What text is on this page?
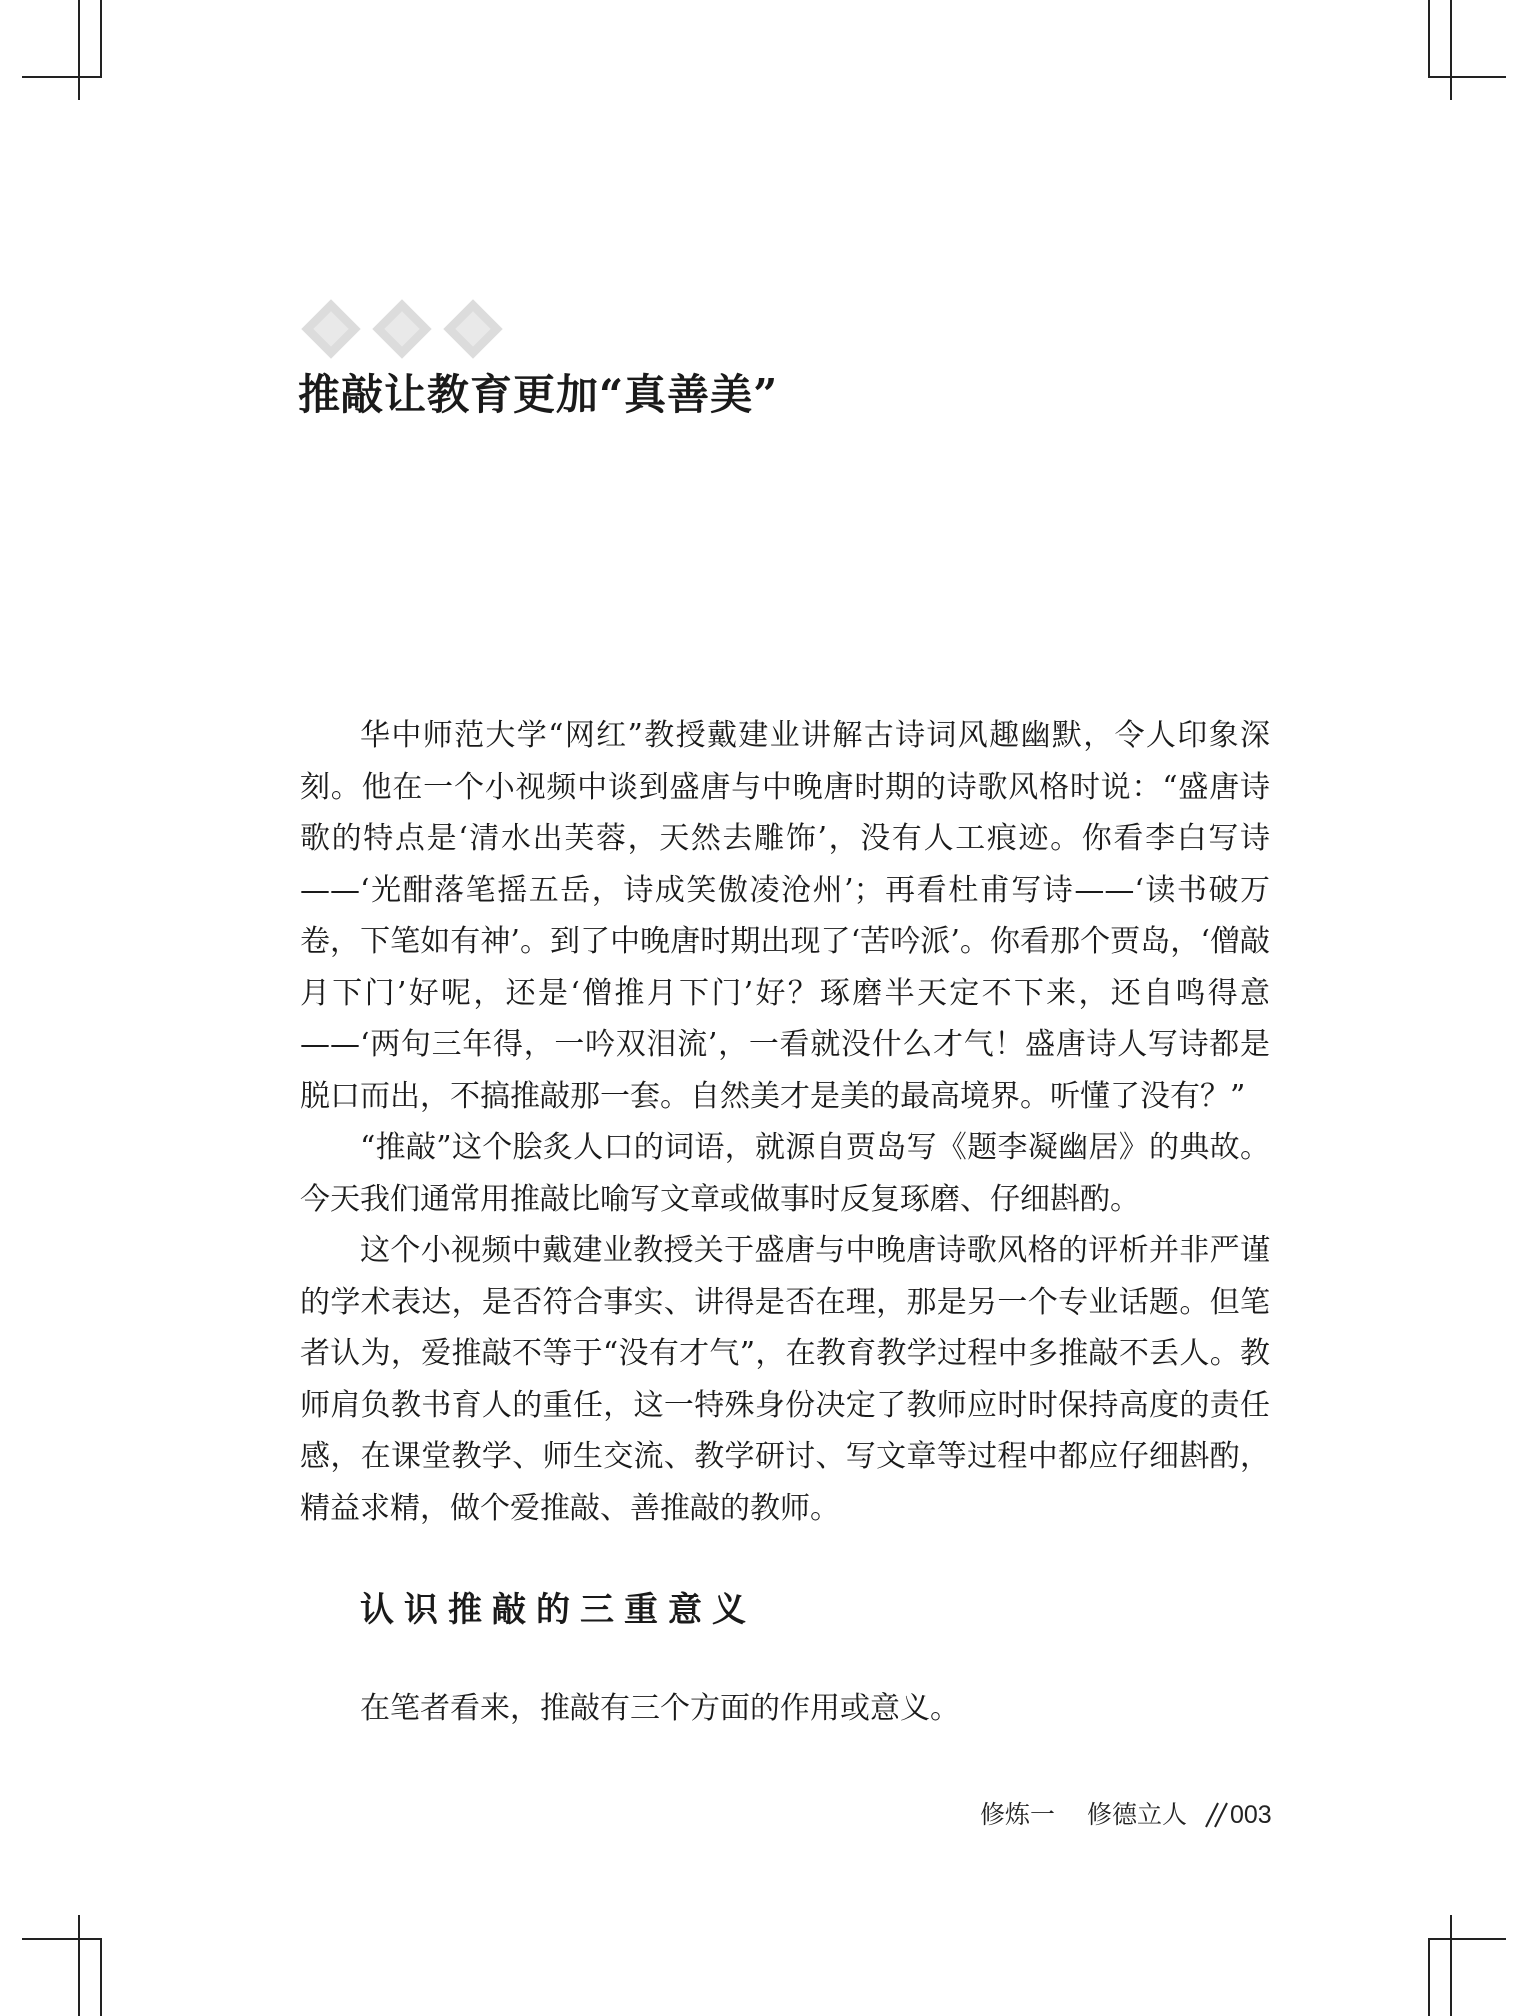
推敲让教育更加“真善美”

华中师范大学“网红”教授戴建业讲解古诗词风趣幽默，令人印象深刻。他在一个小视频中谈到盛唐与中晚唐时期的诗歌风格时说：“盛唐诗歌的特点是‘清水出芙蓉，天然去雕饰’，没有人工痕迹。你看李白写诗——‘光酣落笔摇五岳，诗成笑傲凌沧州’；再看杜甫写诗——‘读书破万卷，下笔如有神’。到了中晚唐时期出现了‘苦吟派’。你看那个贾岛，‘僧敲月下门’好呢，还是‘僧推月下门’好？琢磨半天定不下来，还自鸣得意——‘两句三年得，一吟双泪流’，一看就没什么才气！盛唐诗人写诗都是脱口而出，不搞推敲那一套。自然美才是美的最高境界。听懂了没有？”

“推敲”这个脍炙人口的词语，就源自贾岛写《题李凝幽居》的典故。今天我们通常用推敲比喻写文章或做事时反复琢磨、仔细斟酌。

这个小视频中戴建业教授关于盛唐与中晚唐诗歌风格的评析并非严谨的学术表达，是否符合事实、讲得是否在理，那是另一个专业话题。但笔者认为，爱推敲不等于“没有才气”，在教育教学过程中多推敲不丢人。教师肩负教书育人的重任，这一特殊身份决定了教师应时时保持高度的责任感，在课堂教学、师生交流、教学研讨、写文章等过程中都应仔细斟酌，精益求精，做个爱推敲、善推敲的教师。

认识推敲的三重意义

在笔者看来，推敲有三个方面的作用或意义。

修炼一 修德立人 003
